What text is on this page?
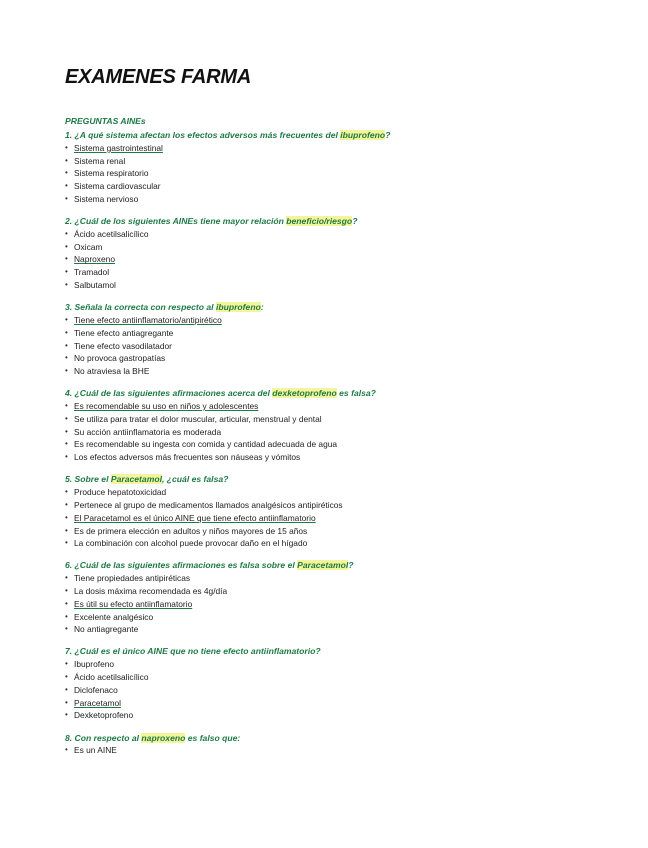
EXAMENES FARMA
PREGUNTAS AINEs
1. ¿A qué sistema afectan los efectos adversos más frecuentes del ibuprofeno?
• Sistema gastrointestinal
• Sistema renal
• Sistema respiratorio
• Sistema cardiovascular
• Sistema nervioso
2. ¿Cuál de los siguientes AINEs tiene mayor relación beneficio/riesgo?
• Ácido acetilsalicílico
• Oxicam
• Naproxeno
• Tramadol
• Salbutamol
3. Señala la correcta con respecto al ibuprofeno:
• Tiene efecto antiinflamatorio/antipirético
• Tiene efecto antiagregante
• Tiene efecto vasodilatador
• No provoca gastropatías
• No atraviesa la BHE
4. ¿Cuál de las siguientes afirmaciones acerca del dexketoprofeno es falsa?
• Es recomendable su uso en niños y adolescentes
• Se utiliza para tratar el dolor muscular, articular, menstrual y dental
• Su acción antiinflamatoria es moderada
• Es recomendable su ingesta con comida y cantidad adecuada de agua
• Los efectos adversos más frecuentes son náuseas y vómitos
5. Sobre el Paracetamol, ¿cuál es falsa?
• Produce hepatotoxicidad
• Pertenece al grupo de medicamentos llamados analgésicos antipiréticos
• El Paracetamol es el único AINE que tiene efecto antiinflamatorio
• Es de primera elección en adultos y niños mayores de 15 años
• La combinación con alcohol puede provocar daño en el hígado
6. ¿Cuál de las siguientes afirmaciones es falsa sobre el Paracetamol?
• Tiene propiedades antipiréticas
• La dosis máxima recomendada es 4g/día
• Es útil su efecto antiinflamatorio
• Excelente analgésico
• No antiagregante
7. ¿Cuál es el único AINE que no tiene efecto antiinflamatorio?
• Ibuprofeno
• Ácido acetilsalicílico
• Diclofenaco
• Paracetamol
• Dexketoprofeno
8. Con respecto al naproxeno es falso que:
• Es un AINE
